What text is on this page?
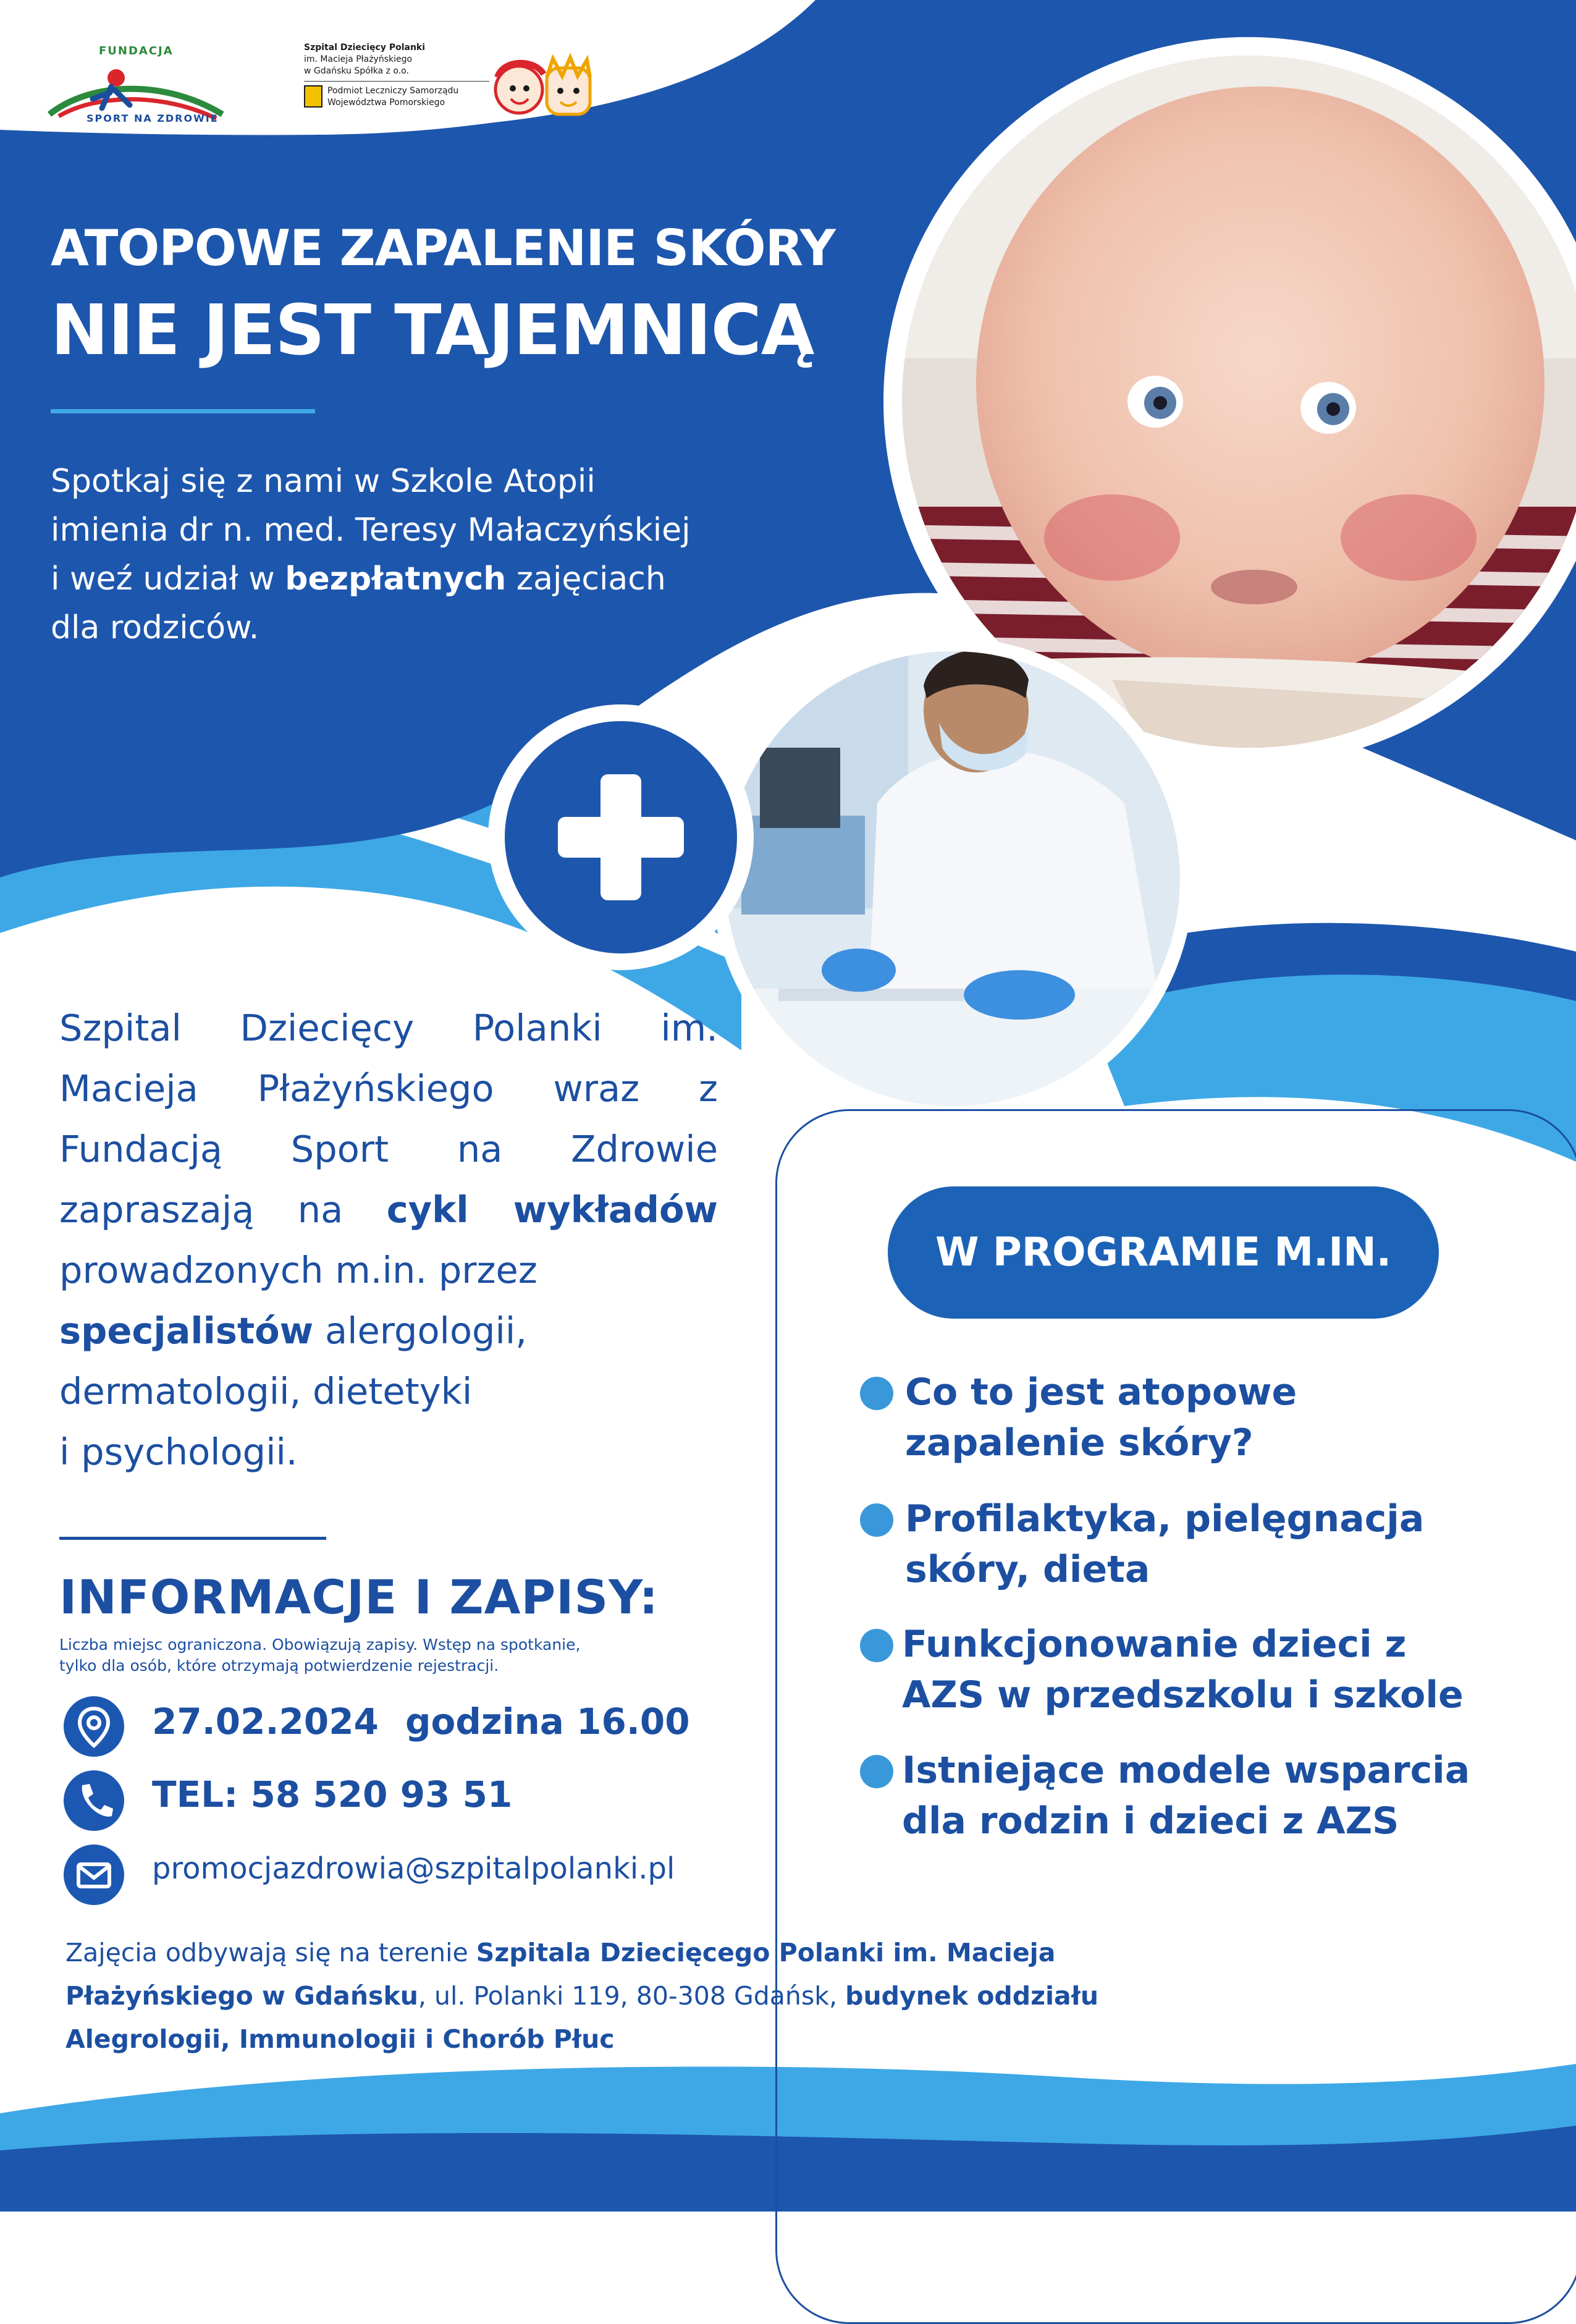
FUNDACJA
SPORT NA ZDROWIE
Szpital Dziecięcy Polanki
im. Macieja Płażyńskiego
w Gdańsku Spółka z o.o.
Podmiot Leczniczy Samorządu
Województwa Pomorskiego
ATOPOWE ZAPALENIE SKÓRY
NIE JEST TAJEMNICĄ
Spotkaj się z nami w Szkole Atopii
imienia dr n. med. Teresy Małaczyńskiej
i weź udział w bezpłatnych zajęciach
dla rodziców.
Szpital Dziecięcy Polanki im.
Macieja Płażyńskiego wraz z
Fundacją Sport na Zdrowie
zapraszają na cykl wykładów
prowadzonych m.in. przez
specjalistów alergologii,
dermatologii, dietetyki
i psychologii.
INFORMACJE I ZAPISY:
Liczba miejsc ograniczona. Obowiązują zapisy. Wstęp na spotkanie,
tylko dla osób, które otrzymają potwierdzenie rejestracji.
27.02.2024 godzina 16.00
TEL: 58 520 93 51
promocjazdrowia@szpitalpolanki.pl
W PROGRAMIE M.IN.
Co to jest atopowe
zapalenie skóry?
Profilaktyka, pielęgnacja
skóry, dieta
Funkcjonowanie dzieci z
AZS w przedszkolu i szkole
Istniejące modele wsparcia
dla rodzin i dzieci z AZS
Zajęcia odbywają się na terenie Szpitala Dziecięcego Polanki im. Macieja
Płażyńskiego w Gdańsku, ul. Polanki 119, 80-308 Gdańsk, budynek oddziału
Alegrologii, Immunologii i Chorób Płuc
